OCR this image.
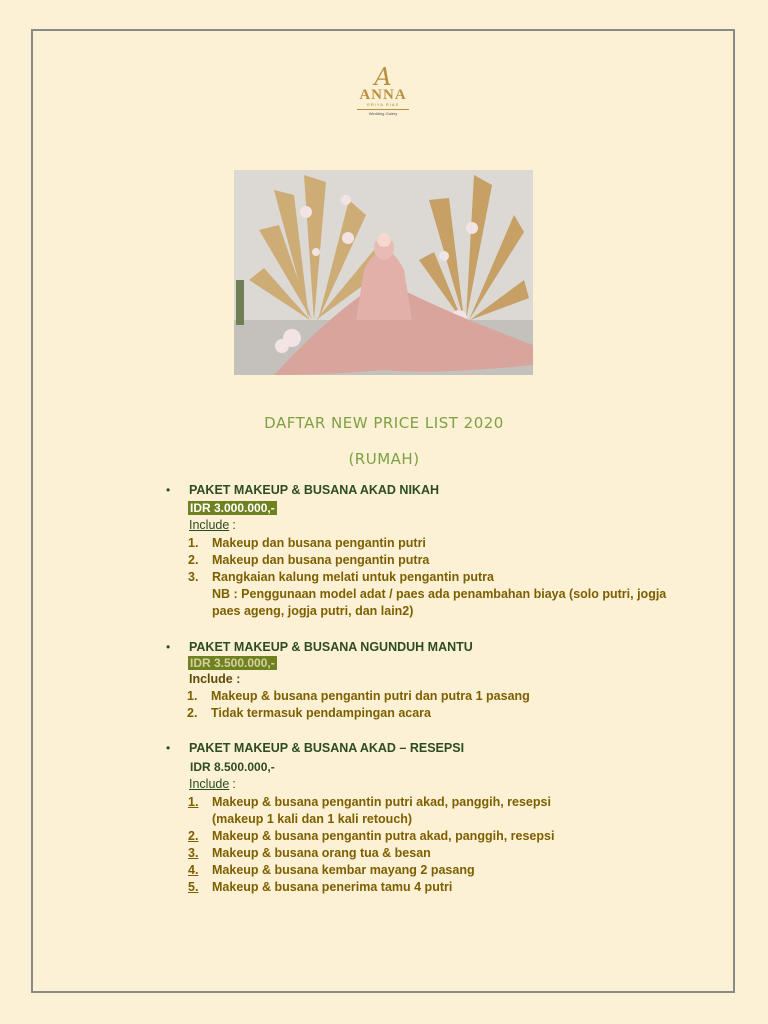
A
ANNA
GRIYA RIAS
Wedding Galery
DAFTAR NEW PRICE LIST 2020
(RUMAH)
• PAKET MAKEUP & BUSANA AKAD NIKAH
IDR 3.000.000,-
Include :
1.	Makeup dan busana pengantin putri
2.	Makeup dan busana pengantin putra
3.	Rangkaian kalung melati untuk pengantin putra
NB : Penggunaan model adat / paes ada penambahan biaya (solo putri, jogja paes ageng, jogja putri, dan lain2)
• PAKET MAKEUP & BUSANA NGUNDUH MANTU
IDR 3.500.000,-
Include :
1.	Makeup & busana pengantin putri dan putra 1 pasang
2.	Tidak termasuk pendampingan acara
• PAKET MAKEUP & BUSANA AKAD – RESEPSI
IDR 8.500.000,-
Include :
1.	Makeup & busana pengantin putri akad, panggih, resepsi
(makeup 1 kali dan 1 kali retouch)
2.	Makeup & busana pengantin putra akad, panggih, resepsi
3.	Makeup & busana orang tua & besan
4.	Makeup & busana kembar mayang 2 pasang
5.	Makeup & busana penerima tamu 4 putri
